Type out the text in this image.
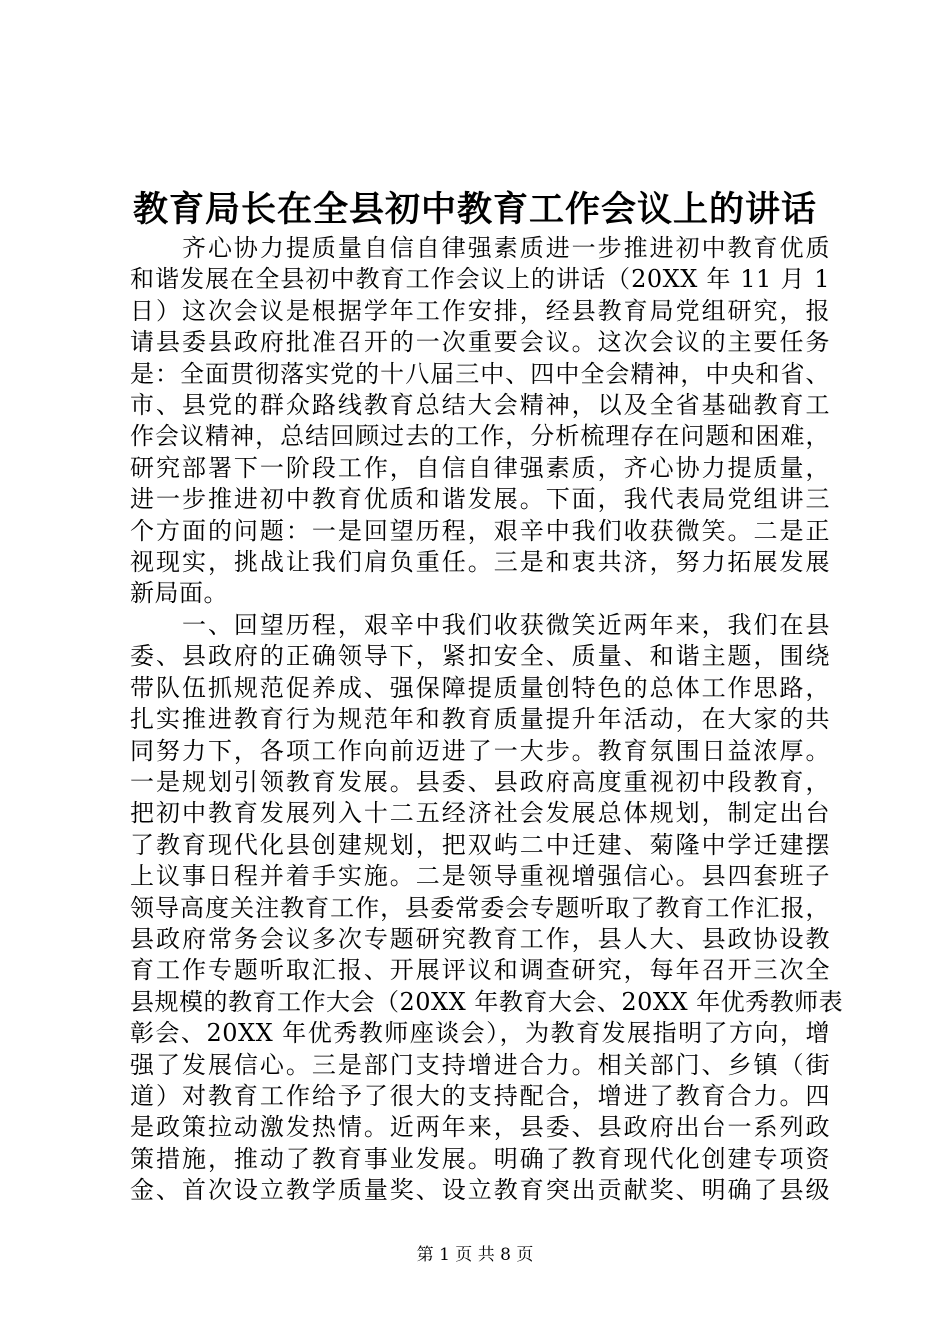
教育局长在全县初中教育工作会议上的讲话
　　齐心协力提质量自信自律强素质进一步推进初中教育优质
和谐发展在全县初中教育工作会议上的讲话（20XX 年 11 月 1
日）这次会议是根据学年工作安排，经县教育局党组研究，报
请县委县政府批准召开的一次重要会议。这次会议的主要任务
是：全面贯彻落实党的十八届三中、四中全会精神，中央和省、
市、县党的群众路线教育总结大会精神，以及全省基础教育工
作会议精神，总结回顾过去的工作，分析梳理存在问题和困难，
研究部署下一阶段工作，自信自律强素质，齐心协力提质量，
进一步推进初中教育优质和谐发展。下面，我代表局党组讲三
个方面的问题：一是回望历程，艰辛中我们收获微笑。二是正
视现实，挑战让我们肩负重任。三是和衷共济，努力拓展发展
新局面。
　　一、回望历程，艰辛中我们收获微笑近两年来，我们在县
委、县政府的正确领导下，紧扣安全、质量、和谐主题，围绕
带队伍抓规范促养成、强保障提质量创特色的总体工作思路，
扎实推进教育行为规范年和教育质量提升年活动，在大家的共
同努力下，各项工作向前迈进了一大步。教育氛围日益浓厚。
一是规划引领教育发展。县委、县政府高度重视初中段教育，
把初中教育发展列入十二五经济社会发展总体规划，制定出台
了教育现代化县创建规划，把双屿二中迁建、菊隆中学迁建摆
上议事日程并着手实施。二是领导重视增强信心。县四套班子
领导高度关注教育工作，县委常委会专题听取了教育工作汇报，
县政府常务会议多次专题研究教育工作，县人大、县政协设教
育工作专题听取汇报、开展评议和调查研究，每年召开三次全
县规模的教育工作大会（20XX 年教育大会、20XX 年优秀教师表
彰会、20XX 年优秀教师座谈会），为教育发展指明了方向，增
强了发展信心。三是部门支持增进合力。相关部门、乡镇（街
道）对教育工作给予了很大的支持配合，增进了教育合力。四
是政策拉动激发热情。近两年来，县委、县政府出台一系列政
策措施，推动了教育事业发展。明确了教育现代化创建专项资
金、首次设立教学质量奖、设立教育突出贡献奖、明确了县级
第 1 页 共 8 页
